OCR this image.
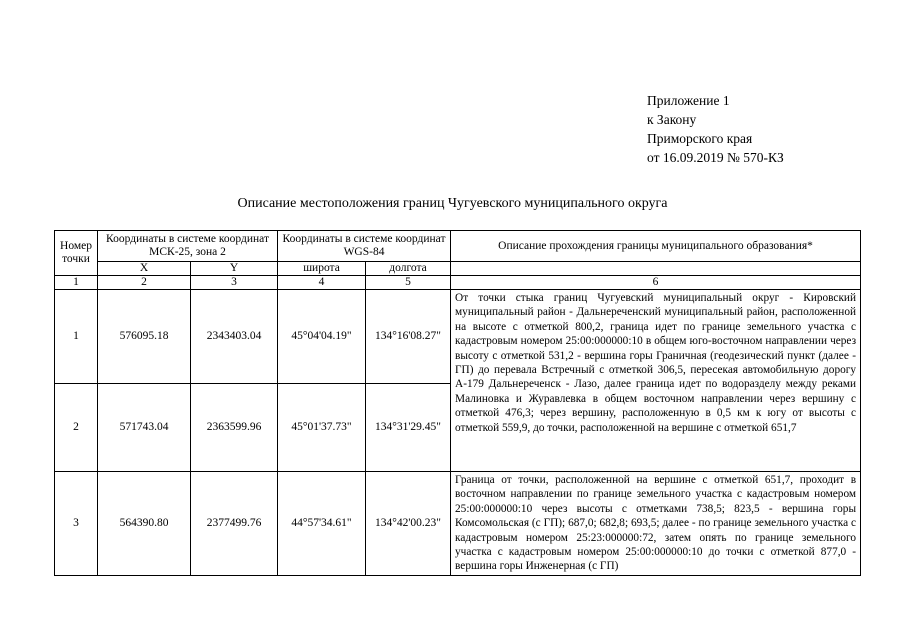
Приложение 1
к Закону
Приморского края
от 16.09.2019 № 570-КЗ
Описание местоположения границ Чугуевского муниципального округа
Номер точки	Координаты в системе координат МСК-25, зона 2		Координаты в системе координат WGS-84		Описание прохождения границы муниципального образования*
	X	Y	широта	долгота	
1	2	3	4	5	6
1	576095.18	2343403.04	45°04'04.19"	134°16'08.27"	От точки стыка границ Чугуевский муниципальный округ - Кировский муниципальный район - Дальнереченский муниципальный район, расположенной на высоте с отметкой 800,2, граница идет по границе земельного участка с кадастровым номером 25:00:000000:10 в общем юго-восточном направлении через высоту с отметкой 531,2 - вершина горы Граничная (геодезический пункт (далее - ГП) до перевала Встречный с отметкой 306,5, пересекая автомобильную дорогу А-179 Дальнереченск - Лазо, далее граница идет по водоразделу между реками Малиновка и Журавлевка в общем восточном направлении через вершину с отметкой 476,3; через вершину, расположенную в 0,5 км к югу от высоты с отметкой 559,9, до точки, расположенной на вершине с отметкой 651,7
2	571743.04	2363599.96	45°01'37.73"	134°31'29.45"	
3	564390.80	2377499.76	44°57'34.61"	134°42'00.23"	Граница от точки, расположенной на вершине с отметкой 651,7, проходит в восточном направлении по границе земельного участка с кадастровым номером 25:00:000000:10 через высоты с отметками 738,5; 823,5 - вершина горы Комсомольская (с ГП); 687,0; 682,8; 693,5; далее - по границе земельного участка с кадастровым номером 25:23:000000:72, затем опять по границе земельного участка с кадастровым номером 25:00:000000:10 до точки с отметкой 877,0 - вершина горы Инженерная (с ГП)
